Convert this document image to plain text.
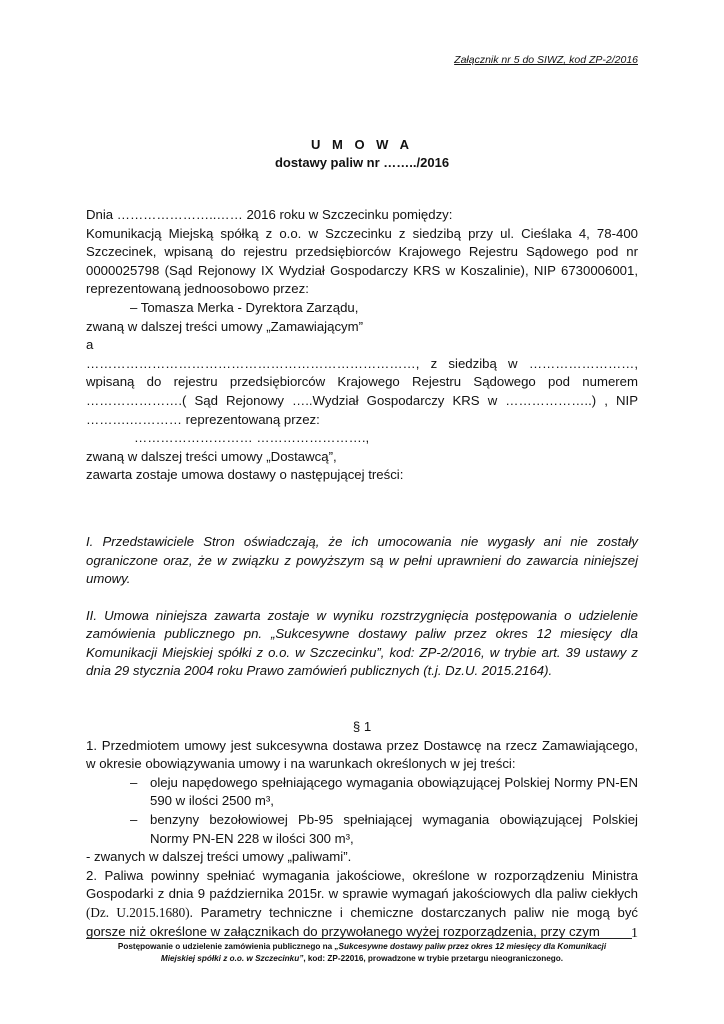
Załącznik nr 5 do SIWZ, kod ZP-2/2016
U M O W A
dostawy paliw nr ……../2016

Dnia …………………..…… 2016 roku w Szczecinku pomiędzy:

Komunikacją Miejską spółką z o.o. w Szczecinku z siedzibą przy ul. Cieślaka 4, 78-400 Szczecinek, wpisaną do rejestru przedsiębiorców Krajowego Rejestru Sądowego pod nr 0000025798 (Sąd Rejonowy IX Wydział Gospodarczy KRS w Koszalinie), NIP 6730006001, reprezentowaną jednoosobowo przez:

– Tomasza Merka - Dyrektora Zarządu,

zwaną w dalszej treści umowy „Zamawiającym”

a

…………………………………………………………………, z siedzibą w ……………………, wpisaną do rejestru przedsiębiorców Krajowego Rejestru Sądowego pod numerem ………………….( Sąd Rejonowy …..Wydział Gospodarczy KRS w ………………..) , NIP ……….………… reprezentowaną przez:

……………………… …………………….,

zwaną w dalszej treści umowy „Dostawcą”,

zawarta zostaje umowa dostawy o następującej treści:

I. Przedstawiciele Stron oświadczają, że ich umocowania nie wygasły ani nie zostały ograniczone oraz, że w związku z powyższym są w pełni uprawnieni do zawarcia niniejszej umowy.

II. Umowa niniejsza zawarta zostaje w wyniku rozstrzygnięcia postępowania o udzielenie zamówienia publicznego pn. „Sukcesywne dostawy paliw przez okres 12 miesięcy dla Komunikacji Miejskiej spółki z o.o. w Szczecinku”, kod: ZP-2/2016, w trybie art. 39 ustawy z dnia 29 stycznia 2004 roku Prawo zamówień publicznych (t.j. Dz.U. 2015.2164).

§ 1

1. Przedmiotem umowy jest sukcesywna dostawa przez Dostawcę na rzecz Zamawiającego, w okresie obowiązywania umowy i na warunkach określonych w jej treści:

– oleju napędowego spełniającego wymagania obowiązującej Polskiej Normy PN-EN 590 w ilości 2500 m³,
– benzyny bezołowiowej Pb-95 spełniającej wymagania obowiązującej Polskiej Normy PN-EN 228 w ilości 300 m³,

- zwanych w dalszej treści umowy „paliwami”.

2. Paliwa powinny spełniać wymagania jakościowe, określone w rozporządzeniu Ministra Gospodarki z dnia 9 października 2015r. w sprawie wymagań jakościowych dla paliw ciekłych (Dz. U.2015.1680). Parametry techniczne i chemiczne dostarczanych paliw nie mogą być gorsze niż określone w załącznikach do przywołanego wyżej rozporządzenia, przy czym	1
Postępowanie o udzielenie zamówienia publicznego na „Sukcesywne dostawy paliw przez okres 12 miesięcy dla Komunikacji
Miejskiej spółki z o.o. w Szczecinku”, kod: ZP-22016, prowadzone w trybie przetargu nieograniczonego.
